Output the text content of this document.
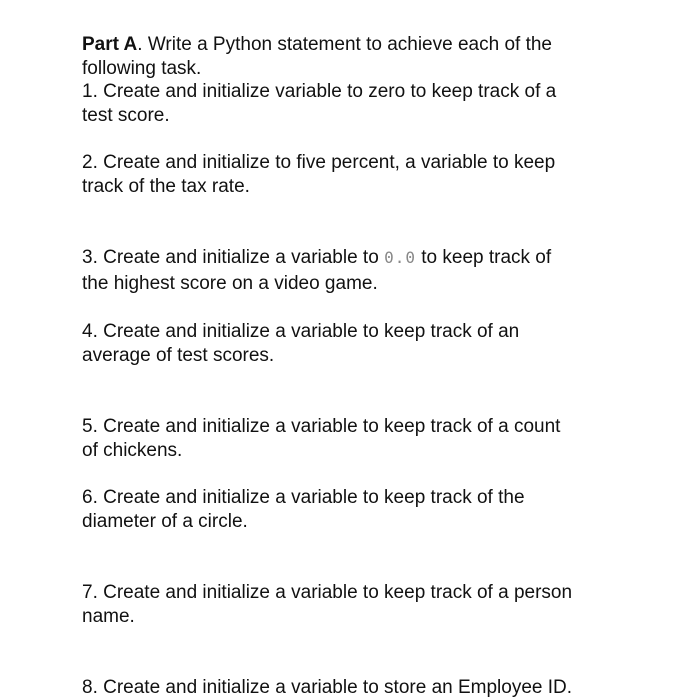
Part A. Write a Python statement to achieve each of the
following task.
1. Create and initialize variable to zero to keep track of a
test score.
2. Create and initialize to five percent, a variable to keep
track of the tax rate.
3. Create and initialize a variable to 0.0 to keep track of
the highest score on a video game.
4. Create and initialize a variable to keep track of an
average of test scores.
5. Create and initialize a variable to keep track of a count
of chickens.
6. Create and initialize a variable to keep track of the
diameter of a circle.
7. Create and initialize a variable to keep track of a person
name.
8. Create and initialize a variable to store an Employee ID.
